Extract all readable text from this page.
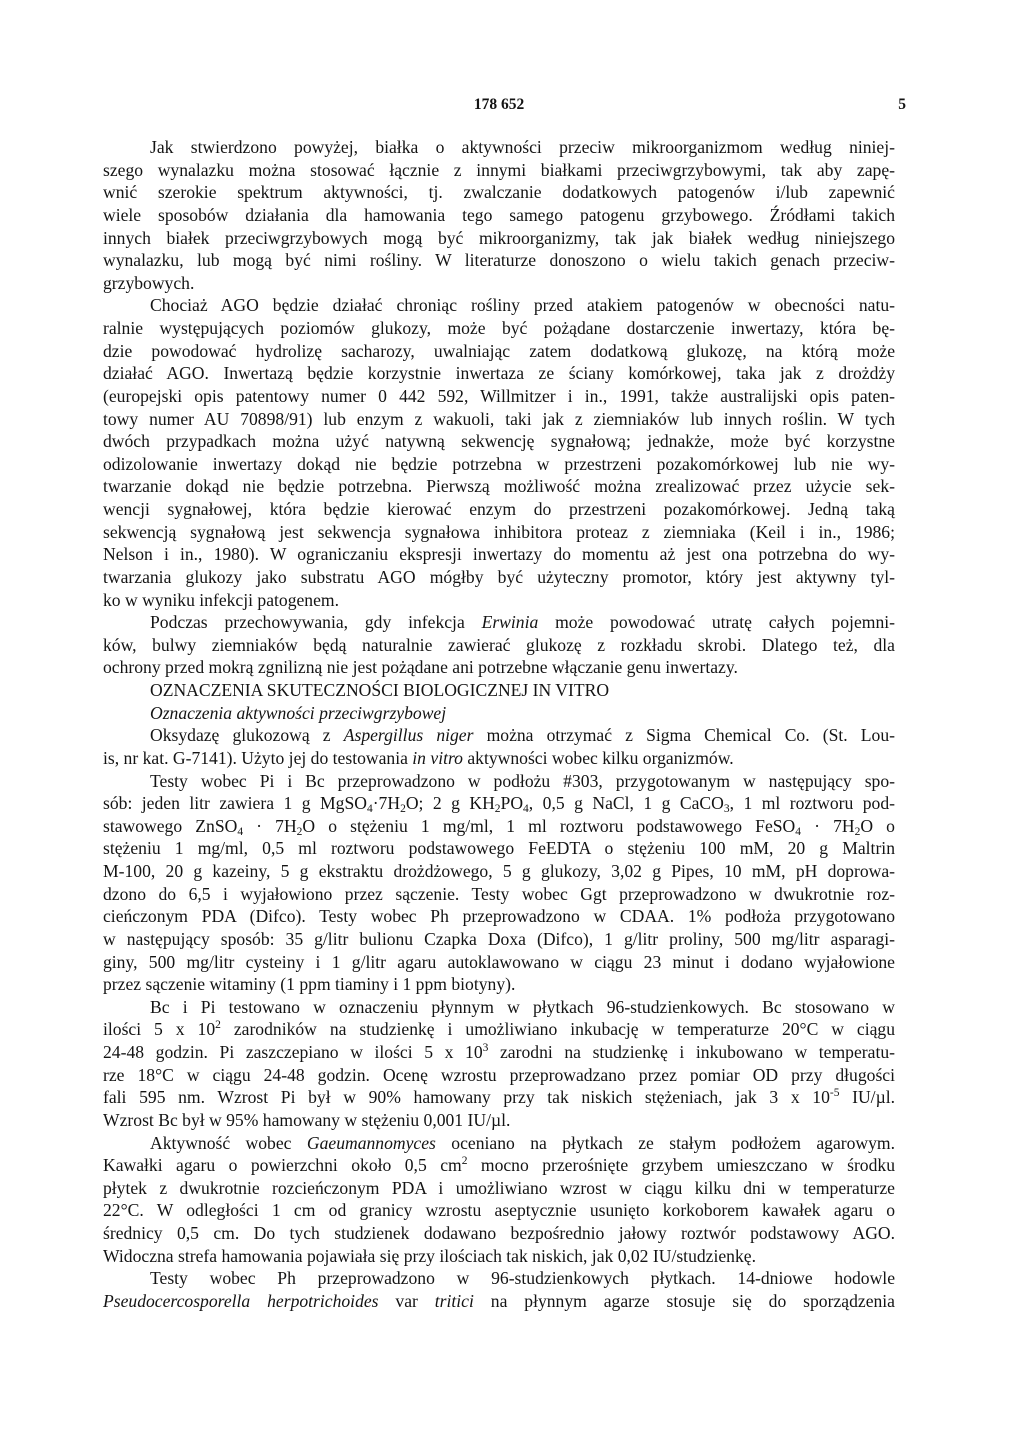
178 652	5

Jak stwierdzono powyżej, białka o aktywności przeciw mikroorganizmom według niniej-
szego wynalazku można stosować łącznie z innymi białkami przeciwgrzybowymi, tak aby zapę-
wnić szerokie spektrum aktywności, tj. zwalczanie dodatkowych patogenów i/lub zapewnić
wiele sposobów działania dla hamowania tego samego patogenu grzybowego. Źródłami takich
innych białek przeciwgrzybowych mogą być mikroorganizmy, tak jak białek według niniejszego
wynalazku, lub mogą być nimi rośliny. W literaturze donoszono o wielu takich genach przeciw-
grzybowych.

Chociaż AGO będzie działać chroniąc rośliny przed atakiem patogenów w obecności natu-
ralnie występujących poziomów glukozy, może być pożądane dostarczenie inwertazy, która bę-
dzie powodować hydrolizę sacharozy, uwalniając zatem dodatkową glukozę, na którą może
działać AGO. Inwertazą będzie korzystnie inwertaza ze ściany komórkowej, taka jak z drożdży
(europejski opis patentowy numer 0 442 592, Willmitzer i in., 1991, także australijski opis paten-
towy numer AU 70898/91) lub enzym z wakuoli, taki jak z ziemniaków lub innych roślin. W tych
dwóch przypadkach można użyć natywną sekwencję sygnałową; jednakże, może być korzystne
odizolowanie inwertazy dokąd nie będzie potrzebna w przestrzeni pozakomórkowej lub nie wy-
twarzanie dokąd nie będzie potrzebna. Pierwszą możliwość można zrealizować przez użycie sek-
wencji sygnałowej, która będzie kierować enzym do przestrzeni pozakomórkowej. Jedną taką
sekwencją sygnałową jest sekwencja sygnałowa inhibitora proteaz z ziemniaka (Keil i in., 1986;
Nelson i in., 1980). W ograniczaniu ekspresji inwertazy do momentu aż jest ona potrzebna do wy-
twarzania glukozy jako substratu AGO mógłby być użyteczny promotor, który jest aktywny tyl-
ko w wyniku infekcji patogenem.

Podczas przechowywania, gdy infekcja Erwinia może powodować utratę całych pojemni-
ków, bulwy ziemniaków będą naturalnie zawierać glukozę z rozkładu skrobi. Dlatego też, dla
ochrony przed mokrą zgnilizną nie jest pożądane ani potrzebne włączanie genu inwertazy.

OZNACZENIA SKUTECZNOŚCI BIOLOGICZNEJ IN VITRO
Oznaczenia aktywności przeciwgrzybowej

Oksydazę glukozową z Aspergillus niger można otrzymać z Sigma Chemical Co. (St. Lou-
is, nr kat. G-7141). Użyto jej do testowania in vitro aktywności wobec kilku organizmów.

Testy wobec Pi i Bc przeprowadzono w podłożu #303, przygotowanym w następujący spo-
sób: jeden litr zawiera 1 g $MgSO_4\cdot 7H_2O$; 2 g $KH_2PO_4$, 0,5 g NaCl, 1 g CaCO$_3$, 1 ml roztworu pod-
stawowego ZnSO$_4$ · $7H_2O$ o stężeniu 1 mg/ml, 1 ml roztworu podstawowego FeSO$_4$ · $7H_2O$ o
stężeniu 1 mg/ml, 0,5 ml roztworu podstawowego FeEDTA o stężeniu 100 mM, 20 g Maltrin
M-100, 20 g kazeiny, 5 g ekstraktu drożdżowego, 5 g glukozy, 3,02 g Pipes, 10 mM, pH doprowa-
dzono do 6,5 i wyjałowiono przez sączenie. Testy wobec Ggt przeprowadzono w dwukrotnie roz-
cieńczonym PDA (Difco). Testy wobec Ph przeprowadzono w CDAA. 1% podłoża przygotowano
w następujący sposób: 35 g/litr bulionu Czapka Doxa (Difco), 1 g/litr proliny, 500 mg/litr asparagi-
giny, 500 mg/litr cysteiny i 1 g/litr agaru autoklawowano w ciągu 23 minut i dodano wyjałowione
przez sączenie witaminy (1 ppm tiaminy i 1 ppm biotyny).

Bc i Pi testowano w oznaczeniu płynnym w płytkach 96-studzienkowych. Bc stosowano w
ilości 5 x $10^2$ zarodników na studzienkę i umożliwiano inkubację w temperaturze 20°C w ciągu
24-48 godzin. Pi zaszczepiano w ilości 5 x $10^3$ zarodni na studzienkę i inkubowano w temperatu-
rze 18°C w ciągu 24-48 godzin. Ocenę wzrostu przeprowadzano przez pomiar OD przy długości
fali 595 nm. Wzrost Pi był w 90% hamowany przy tak niskich stężeniach, jak 3 x $10^{-5}$ IU/µl.
Wzrost Bc był w 95% hamowany w stężeniu 0,001 IU/µl.

Aktywność wobec Gaeumannomyces oceniano na płytkach ze stałym podłożem agarowym.
Kawałki agaru o powierzchni około 0,5 $cm^2$ mocno przerośnięte grzybem umieszczano w środku
płytek z dwukrotnie rozcieńczonym PDA i umożliwiano wzrost w ciągu kilku dni w temperaturze
22°C. W odległości 1 cm od granicy wzrostu aseptycznie usunięto korkoborem kawałek agaru o
średnicy 0,5 cm. Do tych studzienek dodawano bezpośrednio jałowy roztwór podstawowy AGO.
Widoczna strefa hamowania pojawiała się przy ilościach tak niskich, jak 0,02 IU/studzienkę.

Testy wobec Ph przeprowadzono w 96-studzienkowych płytkach. 14-dniowe hodowle
Pseudocercosporella herpotrichoides var tritici na płynnym agarze stosuje się do sporządzenia
